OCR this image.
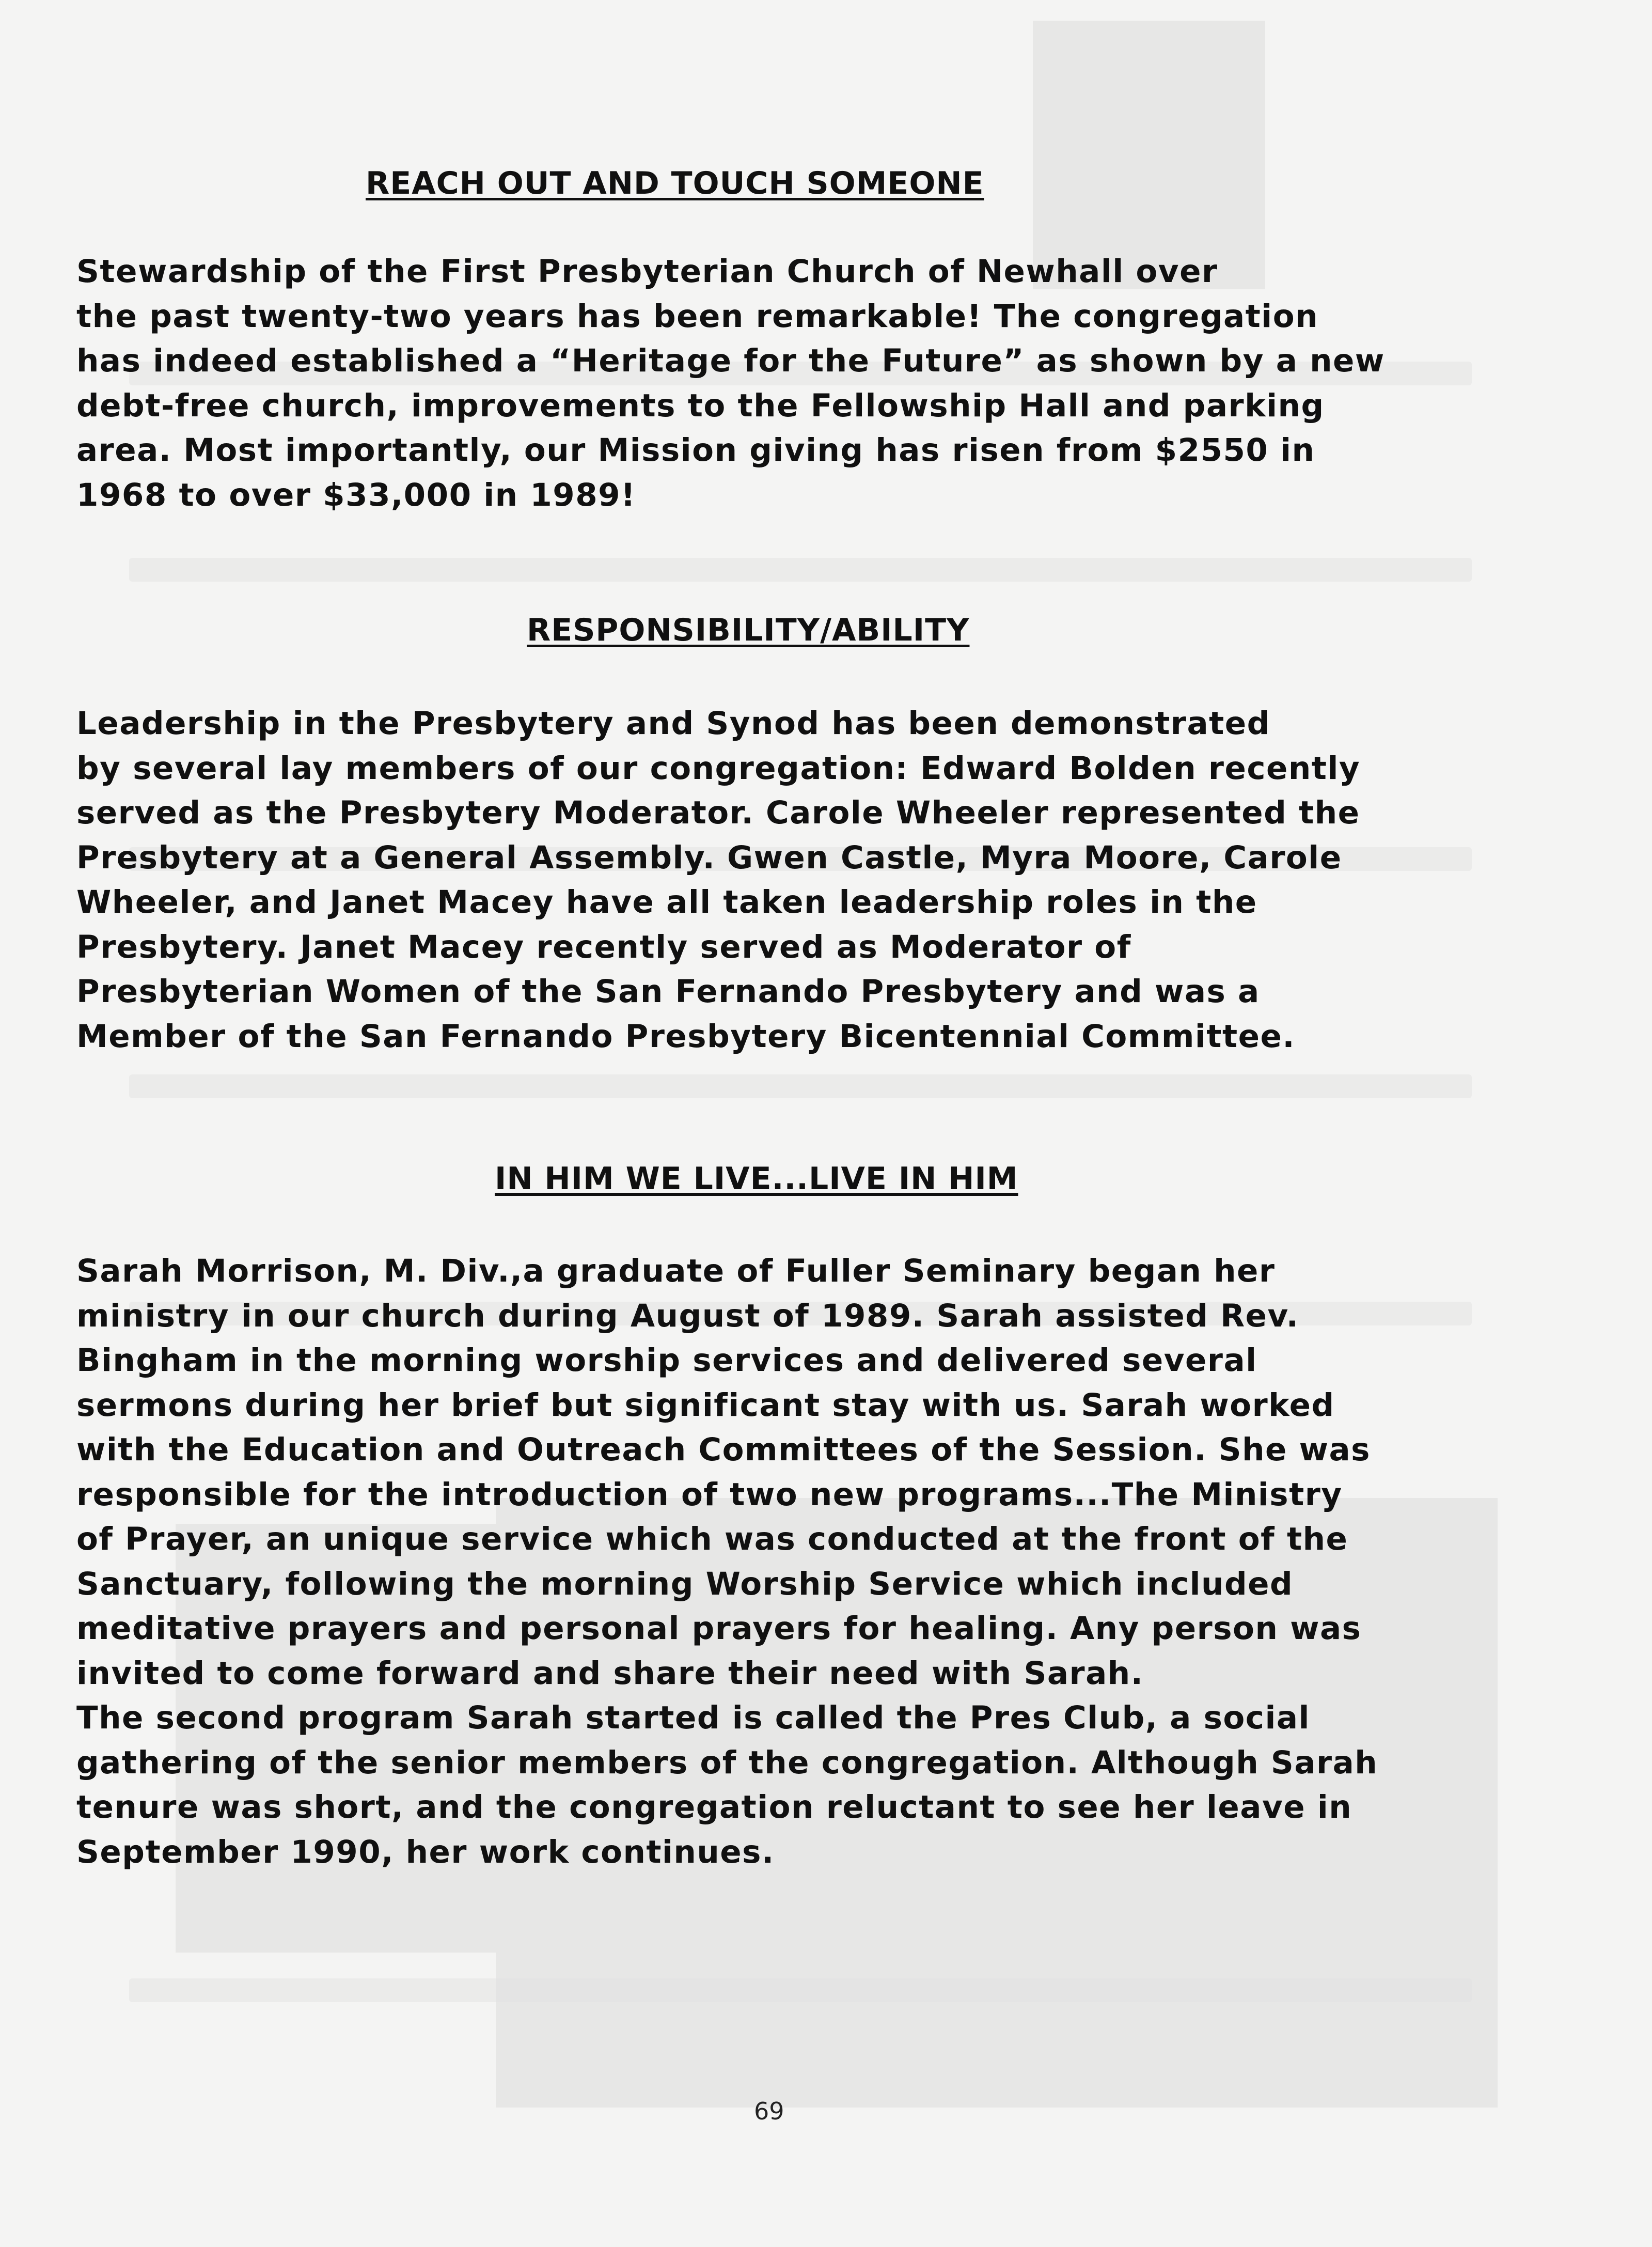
REACH OUT AND TOUCH SOMEONE

Stewardship of the First Presbyterian Church of Newhall over
the past twenty-two years has been remarkable! The congregation
has indeed established a “Heritage for the Future” as shown by a new
debt-free church, improvements to the Fellowship Hall and parking
area. Most importantly, our Mission giving has risen from $2550 in
1968 to over $33,000 in 1989!

RESPONSIBILITY/ABILITY

Leadership in the Presbytery and Synod has been demonstrated
by several lay members of our congregation: Edward Bolden recently
served as the Presbytery Moderator. Carole Wheeler represented the
Presbytery at a General Assembly. Gwen Castle, Myra Moore, Carole
Wheeler, and Janet Macey have all taken leadership roles in the
Presbytery. Janet Macey recently served as Moderator of
Presbyterian Women of the San Fernando Presbytery and was a
Member of the San Fernando Presbytery Bicentennial Committee.

IN HIM WE LIVE...LIVE IN HIM

Sarah Morrison, M. Div.,a graduate of Fuller Seminary began her
ministry in our church during August of 1989. Sarah assisted Rev.
Bingham in the morning worship services and delivered several
sermons during her brief but significant stay with us. Sarah worked
with the Education and Outreach Committees of the Session. She was
responsible for the introduction of two new programs...The Ministry
of Prayer, an unique service which was conducted at the front of the
Sanctuary, following the morning Worship Service which included
meditative prayers and personal prayers for healing. Any person was
invited to come forward and share their need with Sarah.
The second program Sarah started is called the Pres Club, a social
gathering of the senior members of the congregation. Although Sarah
tenure was short, and the congregation reluctant to see her leave in
September 1990, her work continues.

69
